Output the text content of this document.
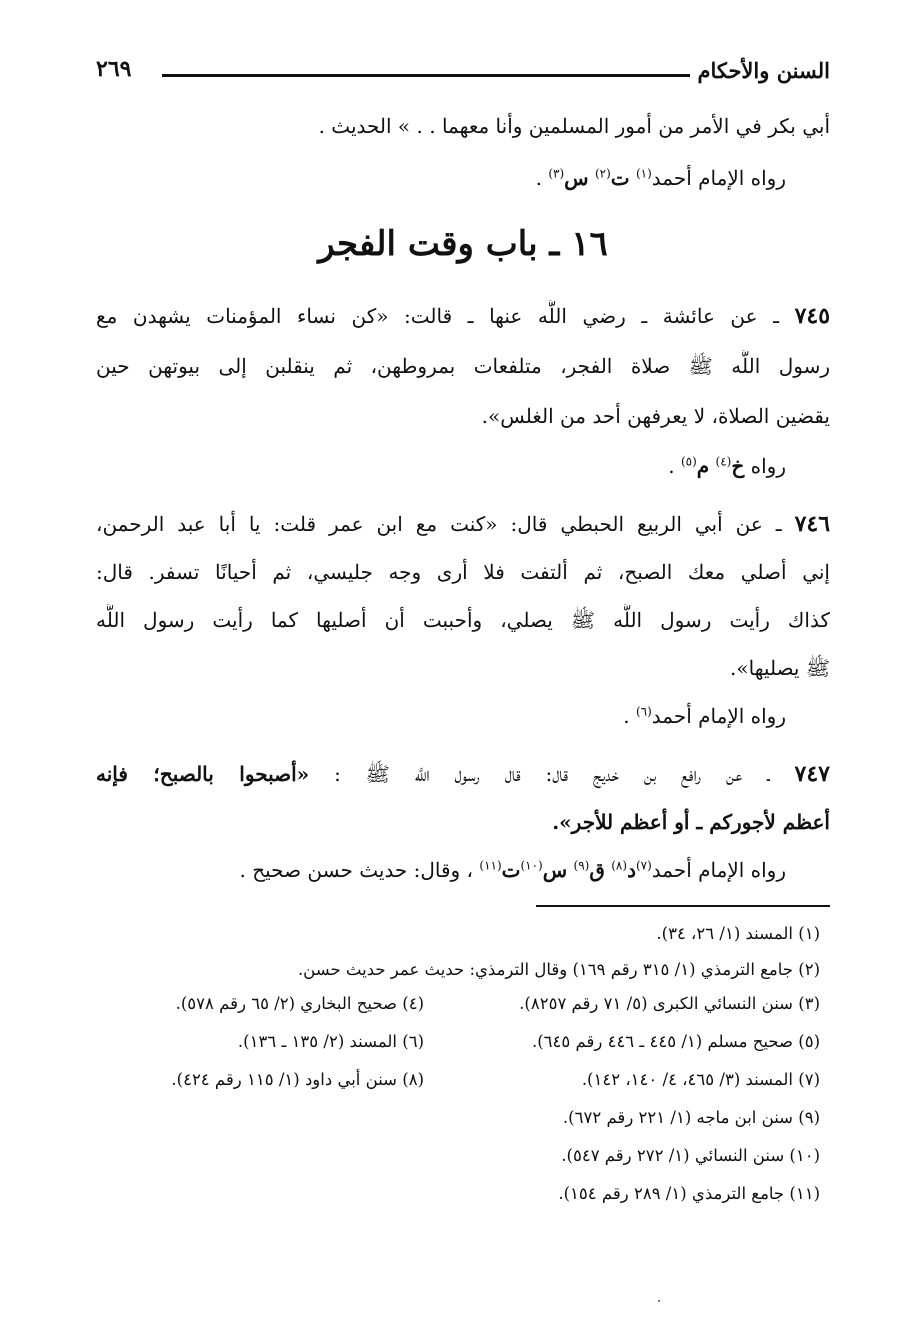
السنن والأحكام
٢٦٩
أبي بكر في الأمر من أمور المسلمين وأنا معهما . . » الحديث .
رواه الإمام أحمد$^{(١)}$ ت$^{(٢)}$ س$^{(٣)}$ .
١٦ ـ باب وقت الفجر
٧٤٥ ـ عن عائشة ـ رضي اللَّه عنها ـ قالت: «كن نساء المؤمنات يشهدن مع
رسول اللَّه ﷺ صلاة الفجر، متلفعات بمروطهن، ثم ينقلبن إلى بيوتهن حين
يقضين الصلاة، لا يعرفهن أحد من الغلس».
رواه خ$^{(٤)}$ م$^{(٥)}$ .
٧٤٦ ـ عن أبي الربيع الحبطي قال: «كنت مع ابن عمر قلت: يا أبا عبد الرحمن،
إني أصلي معك الصبح، ثم ألتفت فلا أرى وجه جليسي، ثم أحيانًا تسفر. قال:
كذاك رأيت رسول اللَّه ﷺ يصلي، وأحببت أن أصليها كما رأيت رسول اللَّه
ﷺ يصليها».
رواه الإمام أحمد$^{(٦)}$ .
٧٤٧ ـ عن رافع بن خديج قال: قال رسول اللَّه ﷺ : «أصبحوا بالصبح؛ فإنه
أعظم لأجوركم ـ أو أعظم للأجر».
رواه الإمام أحمد$^{(٧)}$د$^{(٨)}$ ق$^{(٩)}$ س$^{(١٠)}$ت$^{(١١)}$ ، وقال: حديث حسن صحيح .
(١) المسند (١/ ٢٦، ٣٤).
(٢) جامع الترمذي (١/ ٣١٥ رقم ١٦٩) وقال الترمذي: حديث عمر حديث حسن.
(٣) سنن النسائي الكبرى (٥/ ٧١ رقم ٨٢٥٧).
(٤) صحيح البخاري (٢/ ٦٥ رقم ٥٧٨).
(٥) صحيح مسلم (١/ ٤٤٥ ـ ٤٤٦ رقم ٦٤٥).
(٦) المسند (٢/ ١٣٥ ـ ١٣٦).
(٧) المسند (٣/ ٤٦٥، ٤/ ١٤٠، ١٤٢).
(٨) سنن أبي داود (١/ ١١٥ رقم ٤٢٤).
(٩) سنن ابن ماجه (١/ ٢٢١ رقم ٦٧٢).
(١٠) سنن النسائي (١/ ٢٧٢ رقم ٥٤٧).
(١١) جامع الترمذي (١/ ٢٨٩ رقم ١٥٤).
